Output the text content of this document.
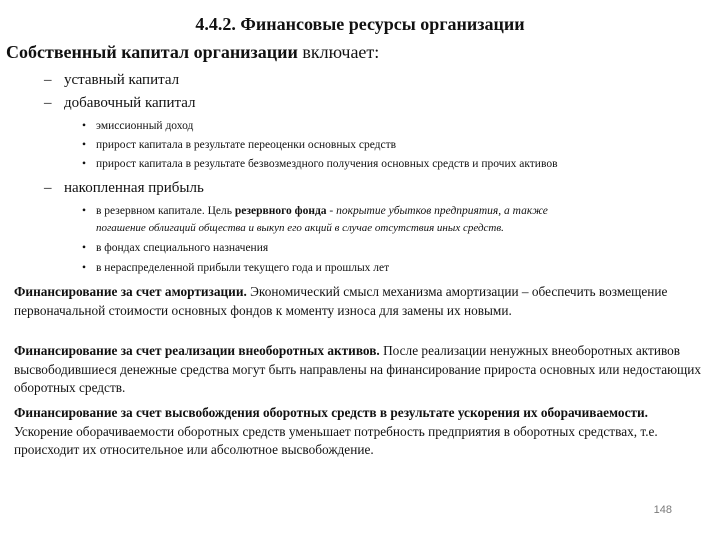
4.4.2. Финансовые ресурсы организации
Собственный капитал организации включает:
– уставный капитал
– добавочный капитал
• эмиссионный доход
• прирост капитала в результате переоценки основных средств
• прирост капитала в результате безвозмездного получения основных средств и прочих активов
– накопленная прибыль
• в резервном капитале. Цель резервного фонда - покрытие убытков предприятия, а также
погашение облигаций общества и выкуп его акций в случае отсутствия иных средств.
• в фондах специального назначения
• в нераспределенной прибыли текущего года и прошлых лет
Финансирование за счет амортизации. Экономический смысл механизма амортизации – обеспечить возмещение первоначальной стоимости основных фондов к моменту износа для замены их новыми.
Финансирование за счет реализации внеоборотных активов. После реализации ненужных внеоборотных активов высвободившиеся денежные средства могут быть направлены на финансирование прироста основных или недостающих оборотных средств.
Финансирование за счет высвобождения оборотных средств в результате ускорения их оборачиваемости. Ускорение оборачиваемости оборотных средств уменьшает потребность предприятия в оборотных средствах, т.е. происходит их относительное или абсолютное высвобождение.
148
